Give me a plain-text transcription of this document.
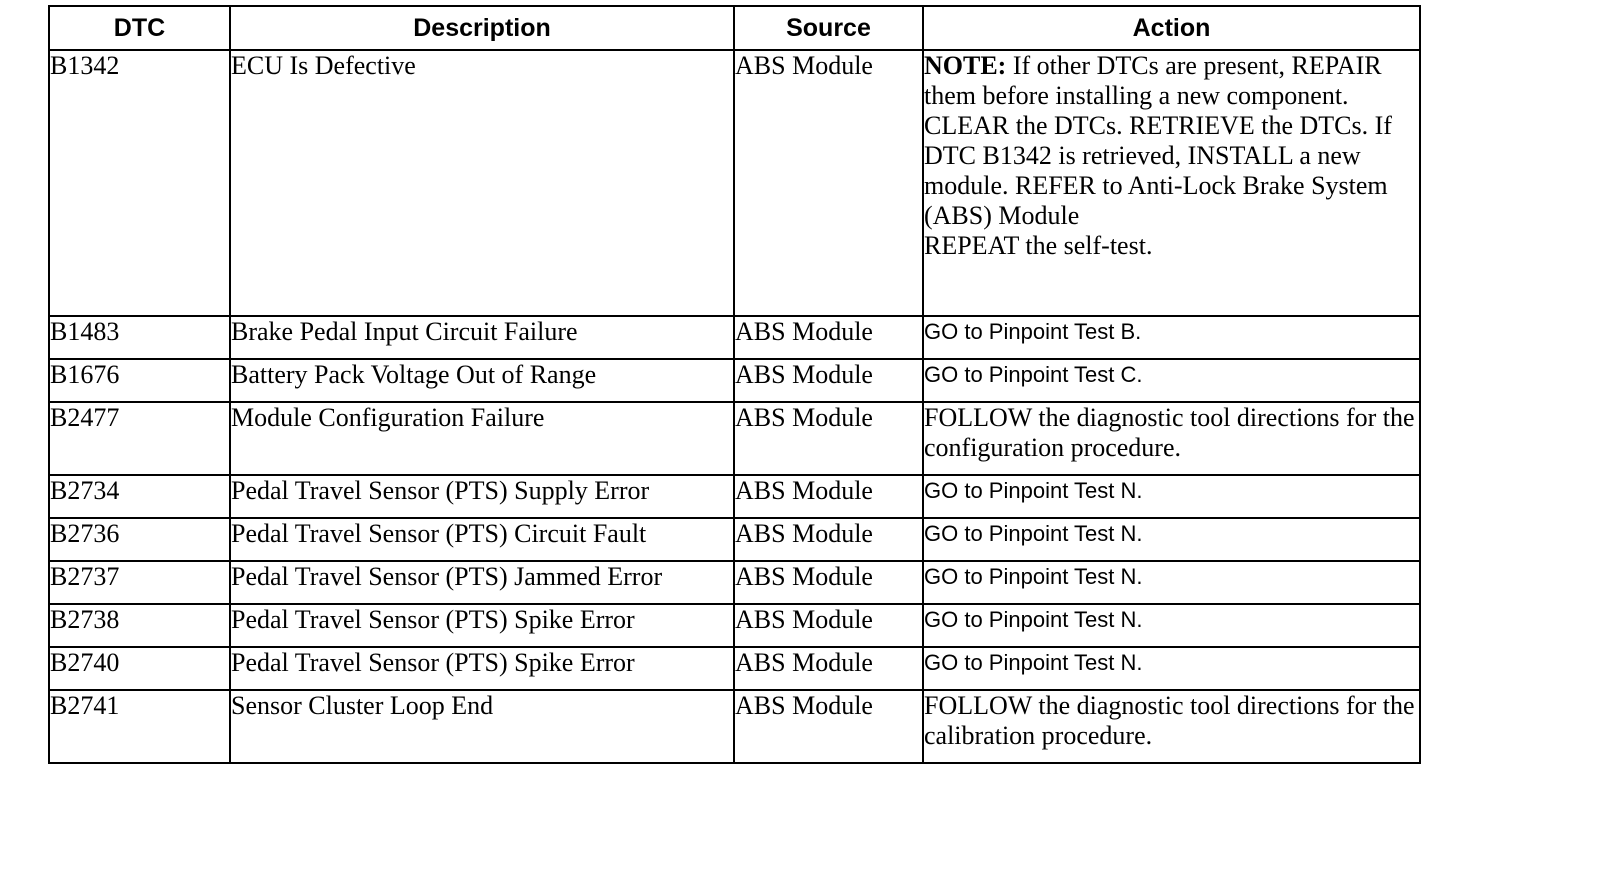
DTC	Description	Source	Action
B1342	ECU Is Defective	ABS Module	NOTE: If other DTCs are present, REPAIR them before installing a new component.
CLEAR the DTCs. RETRIEVE the DTCs. If DTC B1342 is retrieved, INSTALL a new module. REFER to Anti-Lock Brake System (ABS) Module
REPEAT the self-test.

B1483	Brake Pedal Input Circuit Failure	ABS Module	GO to Pinpoint Test B.
B1676	Battery Pack Voltage Out of Range	ABS Module	GO to Pinpoint Test C.
B2477	Module Configuration Failure	ABS Module	FOLLOW the diagnostic tool directions for the configuration procedure.
B2734	Pedal Travel Sensor (PTS) Supply Error	ABS Module	GO to Pinpoint Test N.
B2736	Pedal Travel Sensor (PTS) Circuit Fault	ABS Module	GO to Pinpoint Test N.
B2737	Pedal Travel Sensor (PTS) Jammed Error	ABS Module	GO to Pinpoint Test N.
B2738	Pedal Travel Sensor (PTS) Spike Error	ABS Module	GO to Pinpoint Test N.
B2740	Pedal Travel Sensor (PTS) Spike Error	ABS Module	GO to Pinpoint Test N.
B2741	Sensor Cluster Loop End	ABS Module	FOLLOW the diagnostic tool directions for the calibration procedure.
